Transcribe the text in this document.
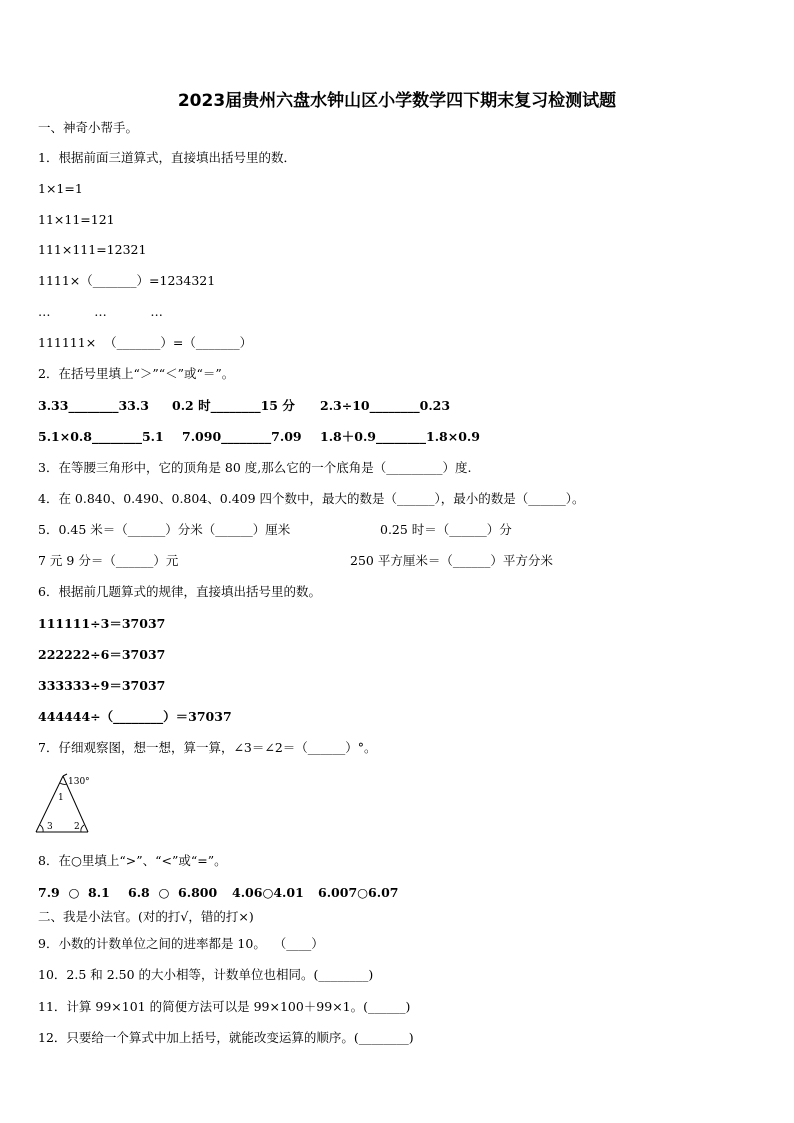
2023届贵州六盘水钟山区小学数学四下期末复习检测试题
一、神奇小帮手。
1．根据前面三道算式，直接填出括号里的数．
1×1=1
11×11=121
111×111=12321
1111×（_______）=1234321
…           …           …
111111×  （_______）=（_______）
2．在括号里填上“＞”“＜”或“＝”。
3.33________33.3 0.2 时________15 分 2.3÷10________0.23
5.1×0.8________5.1 7.090________7.09 1.8＋0.9________1.8×0.9
3．在等腰三角形中，它的顶角是 80 度,那么它的一个底角是（_________）度.
4．在 0.840、0.490、0.804、0.409 四个数中，最大的数是（______），最小的数是（______）。
5．0.45 米＝（______）分米（______）厘米	0.25 时＝（______）分
7 元 9 分＝（______）元	250 平方厘米＝（______）平方分米
6．根据前几题算式的规律，直接填出括号里的数。
111111÷3＝37037
222222÷6＝37037
333333÷9＝37037
444444÷（________）＝37037
7．仔细观察图，想一想，算一算，∠3＝∠2＝（______）°。
130°
1
3 2
8．在○里填上“>”、“<”或“=”。
7.9  ○  8.1 6.8  ○  6.800 4.06○4.01 6.007○6.07
二、我是小法官。(对的打√，错的打×)
9．小数的计数单位之间的进率都是 10。  （____）
10．2.5 和 2.50 的大小相等，计数单位也相同。(________)
11．计算 99×101 的简便方法可以是 99×100＋99×1。(______)
12．只要给一个算式中加上括号，就能改变运算的顺序。(________)
